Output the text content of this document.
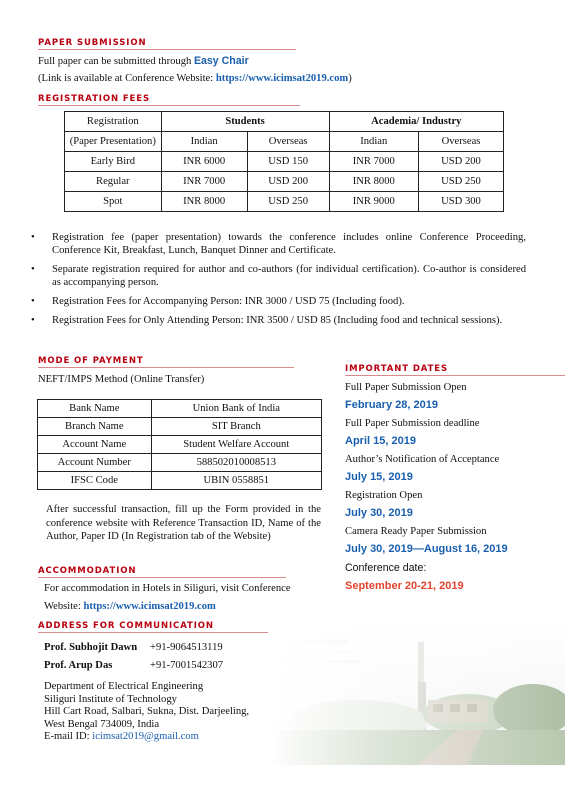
PAPER SUBMISSION
Full paper can be submitted through Easy Chair
(Link is available at Conference Website: https://www.icimsat2019.com)
REGISTRATION FEES
Registration	Students		Academia/ Industry	
(Paper Presentation)	Indian	Overseas	Indian	Overseas
Early Bird	INR 6000	USD 150	INR 7000	USD 200
Regular	INR 7000	USD 200	INR 8000	USD 250
Spot	INR 8000	USD 250	INR 9000	USD 300
• Registration fee (paper presentation) towards the conference includes online Conference Proceeding, Conference Kit, Breakfast, Lunch, Banquet Dinner and Certificate.
• Separate registration required for author and co-authors (for individual certification). Co-author is considered as accompanying person.
• Registration Fees for Accompanying Person: INR 3000 / USD 75 (Including food).
• Registration Fees for Only Attending Person: INR 3500 / USD 85 (Including food and technical sessions).
MODE OF PAYMENT
NEFT/IMPS Method (Online Transfer)
Bank Name	Union Bank of India
Branch Name	SIT Branch
Account Name	Student Welfare Account
Account Number	588502010008513
IFSC Code	UBIN 0558851
After successful transaction, fill up the Form provided in the conference website with Reference Transaction ID, Name of the Author, Paper ID (In Registration tab of the Website)
ACCOMMODATION
For accommodation in Hotels in Siliguri, visit Conference
Website: https://www.icimsat2019.com
ADDRESS FOR COMMUNICATION
Prof. Subhojit Dawn +91-9064513119
Prof. Arup Das	+91-7001542307
Department of Electrical Engineering
Siliguri Institute of Technology
Hill Cart Road, Salbari, Sukna, Dist. Darjeeling,
West Bengal 734009, India
E-mail ID: icimsat2019@gmail.com
IMPORTANT DATES
Full Paper Submission Open
February 28, 2019
Full Paper Submission deadline
April 15, 2019
Author’s Notification of Acceptance
July 15, 2019
Registration Open
July 30, 2019
Camera Ready Paper Submission
July 30, 2019—August 16, 2019
Conference date:
September 20-21, 2019
